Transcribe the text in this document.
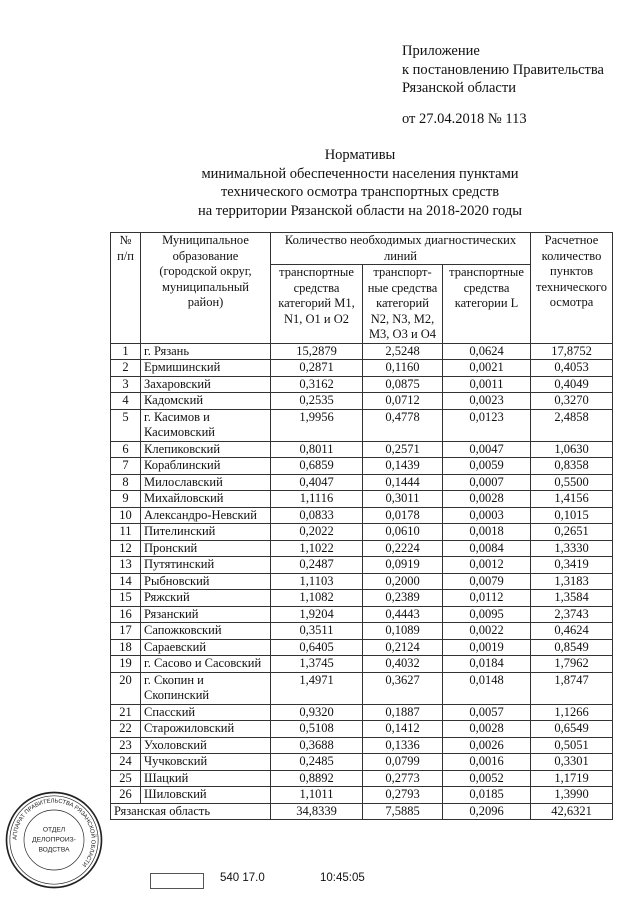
Приложение
к постановлению Правительства
Рязанской области
от 27.04.2018 № 113
Нормативы
минимальной обеспеченности населения пунктами
технического осмотра транспортных средств
на территории Рязанской области на 2018-2020 годы
№ п/п	Муниципальное образование (городской округ, муниципальный район)	Количество необходимых диагностических линий			Расчетное количество пунктов технического осмотра
		транспортные средства категорий M1, N1, O1 и O2	транспорт-ные средства категорий N2, N3, M2, M3, O3 и O4	транспортные средства категории L	
1	г. Рязань	15,2879	2,5248	0,0624	17,8752
2	Ермишинский	0,2871	0,1160	0,0021	0,4053
3	Захаровский	0,3162	0,0875	0,0011	0,4049
4	Кадомский	0,2535	0,0712	0,0023	0,3270
5	г. Касимов и Касимовский	1,9956	0,4778	0,0123	2,4858
6	Клепиковский	0,8011	0,2571	0,0047	1,0630
7	Кораблинский	0,6859	0,1439	0,0059	0,8358
8	Милославский	0,4047	0,1444	0,0007	0,5500
9	Михайловский	1,1116	0,3011	0,0028	1,4156
10	Александро-Невский	0,0833	0,0178	0,0003	0,1015
11	Пителинский	0,2022	0,0610	0,0018	0,2651
12	Пронский	1,1022	0,2224	0,0084	1,3330
13	Путятинский	0,2487	0,0919	0,0012	0,3419
14	Рыбновский	1,1103	0,2000	0,0079	1,3183
15	Ряжский	1,1082	0,2389	0,0112	1,3584
16	Рязанский	1,9204	0,4443	0,0095	2,3743
17	Сапожковский	0,3511	0,1089	0,0022	0,4624
18	Сараевский	0,6405	0,2124	0,0019	0,8549
19	г. Сасово и Сасовский	1,3745	0,4032	0,0184	1,7962
20	г. Скопин и Скопинский	1,4971	0,3627	0,0148	1,8747
21	Спасский	0,9320	0,1887	0,0057	1,1266
22	Старожиловский	0,5108	0,1412	0,0028	0,6549
23	Ухоловский	0,3688	0,1336	0,0026	0,5051
24	Чучковский	0,2485	0,0799	0,0016	0,3301
25	Шацкий	0,8892	0,2773	0,0052	1,1719
26	Шиловский	1,1011	0,2793	0,0185	1,3990
Рязанская область		34,8339	7,5885	0,2096	42,6321
АППАРАТ ПРАВИТЕЛЬСТВА РЯЗАНСКОЙ ОБЛАСТИ
ОТДЕЛ
ДЕЛОПРОИЗ-
ВОДСТВА
540 17.0	10:45:05
